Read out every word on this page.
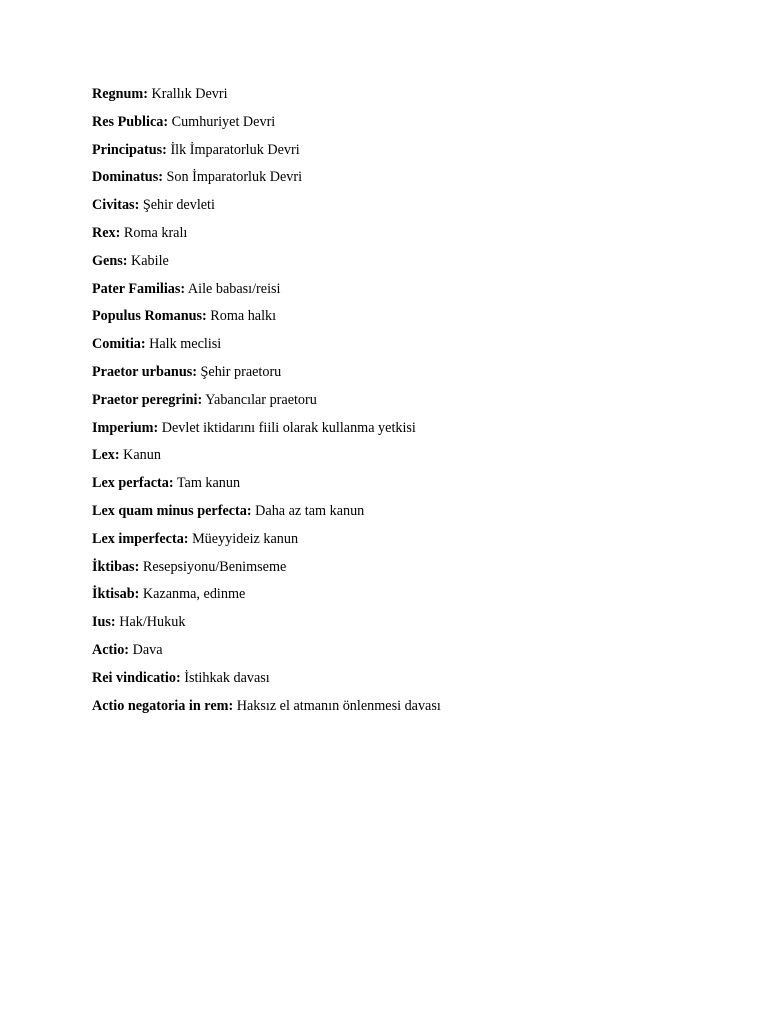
Regnum: Krallık Devri
Res Publica: Cumhuriyet Devri
Principatus: İlk İmparatorluk Devri
Dominatus: Son İmparatorluk Devri
Civitas: Şehir devleti
Rex: Roma kralı
Gens: Kabile
Pater Familias: Aile babası/reisi
Populus Romanus: Roma halkı
Comitia: Halk meclisi
Praetor urbanus: Şehir praetoru
Praetor peregrini: Yabancılar praetoru
Imperium: Devlet iktidarını fiili olarak kullanma yetkisi
Lex: Kanun
Lex perfacta: Tam kanun
Lex quam minus perfecta: Daha az tam kanun
Lex imperfecta: Müeyyideiz kanun
İktibas: Resepsiyonu/Benimseme
İktisab: Kazanma, edinme
Ius: Hak/Hukuk
Actio: Dava
Rei vindicatio: İstihkak davası
Actio negatoria in rem: Haksız el atmanın önlenmesi davası
